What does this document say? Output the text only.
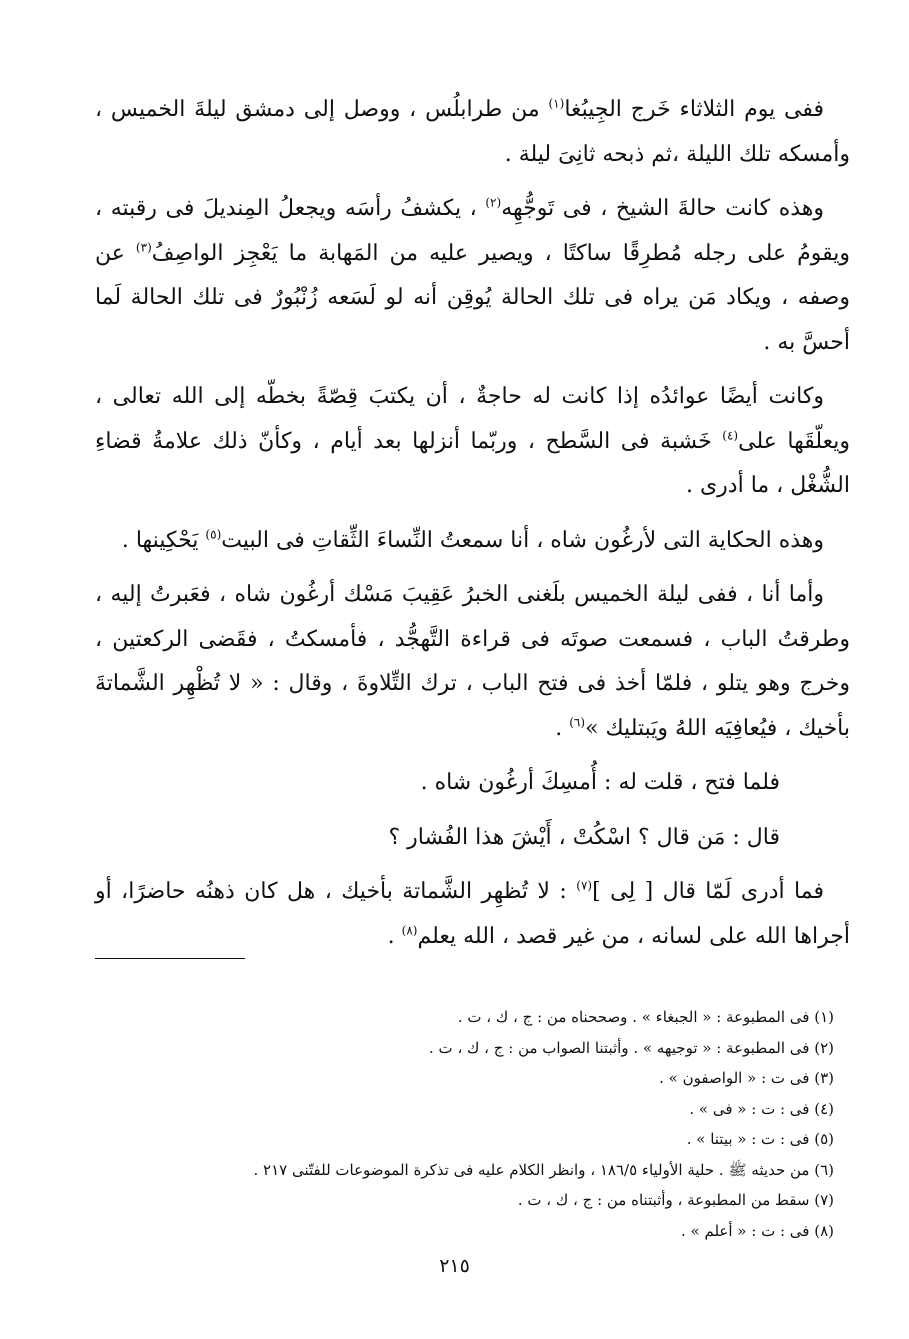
ففى يوم الثلاثاء خَرج الجِيبُغا$^{(١)}$ من طرابلُس ، ووصل إلى دمشق ليلةَ الخميس ، وأمسكه تلك الليلة ،ثم ذبحه ثانِىَ ليلة .

وهذه كانت حالةَ الشيخ ، فى تَوجُّهِه$^{(٢)}$ ، يكشفُ رأسَه ويجعلُ المِنديلَ فى رقبته ، ويقومُ على رجله مُطرِقًا ساكتًا ، ويصير عليه من المَهابة ما يَعْجِز الواصِفُ$^{(٣)}$ عن وصفه ، ويكاد مَن يراه فى تلك الحالة يُوقِن أنه لو لَسَعه زُنْبُورٌ فى تلك الحالة لَما أحسَّ به .

وكانت أيضًا عوائدُه إذا كانت له حاجةٌ ، أن يكتبَ قِصّةً بخطّه إلى الله تعالى ، ويعلّقَها على$^{(٤)}$ خَشبة فى السَّطح ، وربّما أنزلها بعد أيام ، وكأنّ ذلك علامةُ قضاءِ الشُّغْل ، ما أدرى .

وهذه الحكاية التى لأرغُون شاه ، أنا سمعتُ النِّساءَ الثِّقاتِ فى البيت$^{(٥)}$ يَحْكِينها .

وأما أنا ، ففى ليلة الخميس بلَغنى الخبرُ عَقِيبَ مَسْك أرغُون شاه ، فعَبرتُ إليه ، وطرقتُ الباب ، فسمعت صوتَه فى قراءة التَّهجُّد ، فأمسكتُ ، فقَضى الركعتين ، وخرج وهو يتلو ، فلمّا أخذ فى فتح الباب ، ترك التِّلاوةَ ، وقال : « لا تُظْهِر الشَّماتةَ بأخيك ، فيُعافِيَه اللهُ ويَبتليك »$^{(٦)}$ .

فلما فتح ، قلت له : أُمسِكَ أرغُون شاه .

قال : مَن قال ؟ اسْكُتْ ، أَيْشَ هذا الفُشار ؟

فما أدرى لَمّا قال [ لِى ]$^{(٧)}$ : لا تُظهِر الشَّماتة بأخيك ، هل كان ذهنُه حاضرًا، أو أجراها الله على لسانه ، من غير قصد ، الله يعلم$^{(٨)}$ .

(١) فى المطبوعة : « الجبغاء » . وصححناه من : ج ، ك ، ت .

(٢) فى المطبوعة : « توجيهه » . وأثبتنا الصواب من : ج ، ك ، ت .

(٣) فى ت : « الواصفون » .

(٤) فى : ت : « فى » .

(٥) فى : ت : « بيتنا » .

(٦) من حديثه ﷺ . حلية الأولياء ١٨٦/٥ ، وانظر الكلام عليه فى تذكرة الموضوعات للفتّنى ٢١٧ .

(٧) سقط من المطبوعة ، وأثبتناه من : ج ، ك ، ت .

(٨) فى : ت : « أعلم » .

٢١٥
